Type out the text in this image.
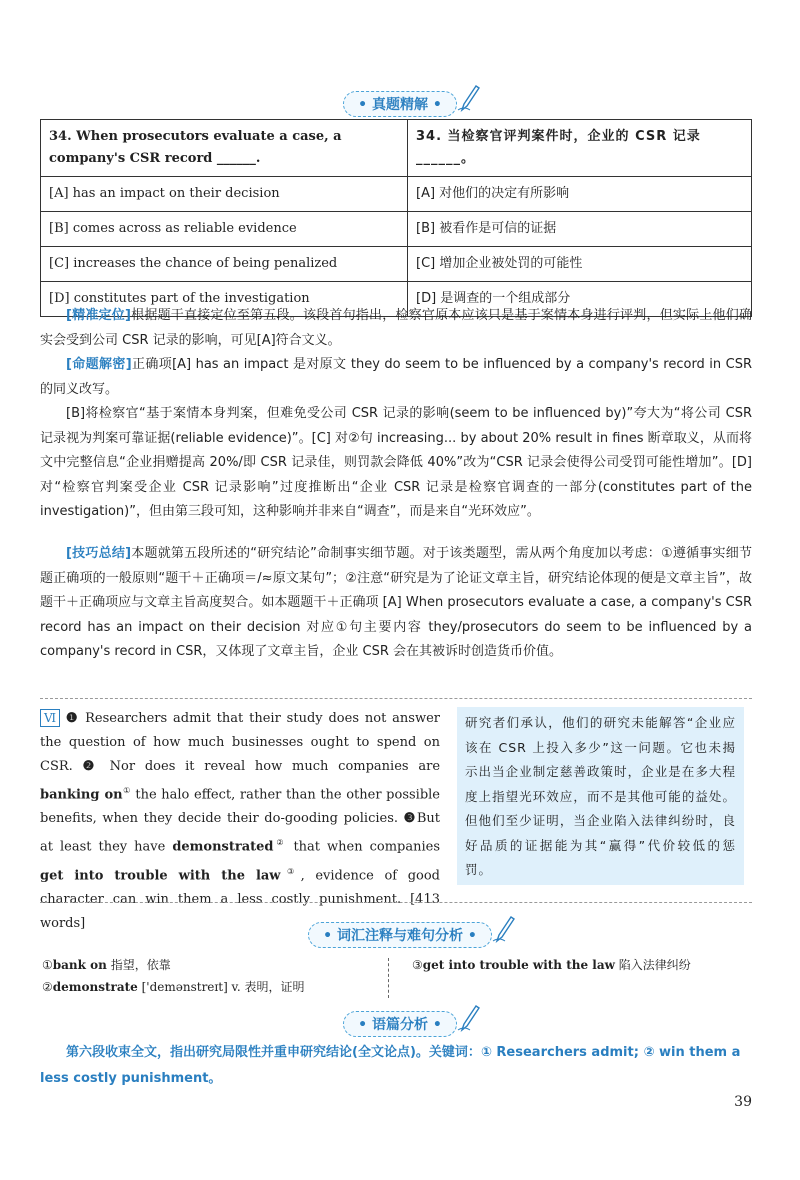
• 真题精解 •
34. When prosecutors evaluate a case, a company's CSR record ______.	34. 当检察官评判案件时，企业的 CSR 记录______。
[A] has an impact on their decision	[A] 对他们的决定有所影响
[B] comes across as reliable evidence	[B] 被看作是可信的证据
[C] increases the chance of being penalized	[C] 增加企业被处罚的可能性
[D] constitutes part of the investigation	[D] 是调查的一个组成部分
[精准定位]根据题干直接定位至第五段。该段首句指出，检察官原本应该只是基于案情本身进行评判，但实际上他们确实会受到公司 CSR 记录的影响，可见[A]符合文义。
[命题解密]正确项[A] has an impact 是对原文 they do seem to be influenced by a company's record in CSR 的同义改写。
[B]将检察官“基于案情本身判案，但难免受公司 CSR 记录的影响(seem to be influenced by)”夸大为“将公司 CSR 记录视为判案可靠证据(reliable evidence)”。[C] 对②句 increasing... by about 20% result in fines 断章取义，从而将文中完整信息“企业捐赠提高 20%/即 CSR 记录佳，则罚款会降低 40%”改为“CSR 记录会使得公司受罚可能性增加”。[D] 对“检察官判案受企业 CSR 记录影响”过度推断出“企业 CSR 记录是检察官调查的一部分(constitutes part of the investigation)”，但由第三段可知，这种影响并非来自“调查”，而是来自“光环效应”。
[技巧总结]本题就第五段所述的“研究结论”命制事实细节题。对于该类题型，需从两个角度加以考虑：①遵循事实细节题正确项的一般原则“题干＋正确项＝/≈原文某句”；②注意“研究是为了论证文章主旨，研究结论体现的便是文章主旨”，故题干＋正确项应与文章主旨高度契合。如本题题干＋正确项 [A] When prosecutors evaluate a case, a company's CSR record has an impact on their decision 对应①句主要内容 they/prosecutors do seem to be influenced by a company's record in CSR，又体现了文章主旨，企业 CSR 会在其被诉时创造货币价值。
Ⅵ ❶ Researchers admit that their study does not answer the question of how much businesses ought to spend on CSR. ❷ Nor does it reveal how much companies are banking on① the halo effect, rather than the other possible benefits, when they decide their do-gooding policies. ❸But at least they have demonstrated② that when companies get into trouble with the law③, evidence of good character can win them a less costly punishment. [413 words]
研究者们承认，他们的研究未能解答“企业应该在 CSR 上投入多少”这一问题。它也未揭示出当企业制定慈善政策时，企业是在多大程度上指望光环效应，而不是其他可能的益处。但他们至少证明，当企业陷入法律纠纷时，良好品质的证据能为其“赢得”代价较低的惩罚。
• 词汇注释与难句分析 •
①bank on 指望，依靠
②demonstrate ['demənstreɪt] v. 表明，证明
③get into trouble with the law 陷入法律纠纷
• 语篇分析 •
第六段收束全文，指出研究局限性并重申研究结论(全文论点)。关键词：① Researchers admit; ② win them a less costly punishment。
39
